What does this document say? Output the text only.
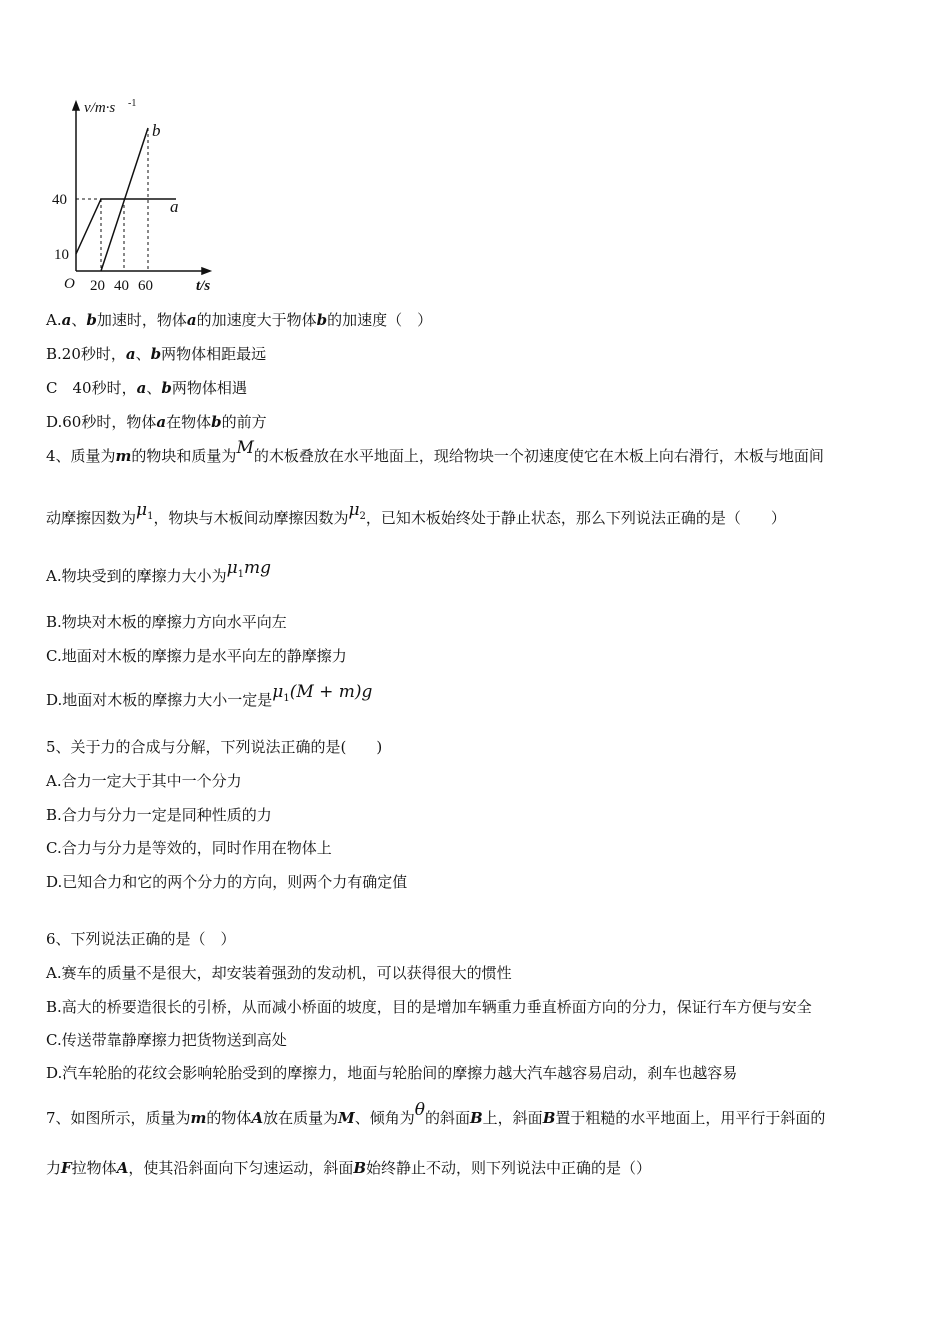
v/m·s -1
40
10
O 20 40 60	t/s
a
b
A.a、b加速时，物体a的加速度大于物体b的加速度（　）
B.20秒时，a、b两物体相距最远
C　40秒时，a、b两物体相遇
D.60秒时，物体a在物体b的前方
4、质量为m的物块和质量为M的木板叠放在水平地面上，现给物块一个初速度使它在木板上向右滑行，木板与地面间
动摩擦因数为$\mu_1$，物块与木板间动摩擦因数为$\mu_2$，已知木板始终处于静止状态，那么下列说法正确的是（　　）
A.物块受到的摩擦力大小为$\mu_1mg$
B.物块对木板的摩擦力方向水平向左
C.地面对木板的摩擦力是水平向左的静摩擦力
D.地面对木板的摩擦力大小一定是$\mu_1(M + m)g$
5、关于力的合成与分解，下列说法正确的是(　　)
A.合力一定大于其中一个分力
B.合力与分力一定是同种性质的力
C.合力与分力是等效的，同时作用在物体上
D.已知合力和它的两个分力的方向，则两个力有确定值
6、下列说法正确的是（　）
A.赛车的质量不是很大，却安装着强劲的发动机，可以获得很大的惯性
B.高大的桥要造很长的引桥，从而减小桥面的坡度，目的是增加车辆重力垂直桥面方向的分力，保证行车方便与安全
C.传送带靠静摩擦力把货物送到高处
D.汽车轮胎的花纹会影响轮胎受到的摩擦力，地面与轮胎间的摩擦力越大汽车越容易启动，刹车也越容易
7、如图所示，质量为m的物体A放在质量为M、倾角为θ的斜面B上，斜面B置于粗糙的水平地面上，用平行于斜面的
力F拉物体A，使其沿斜面向下匀速运动，斜面B始终静止不动，则下列说法中正确的是（）
